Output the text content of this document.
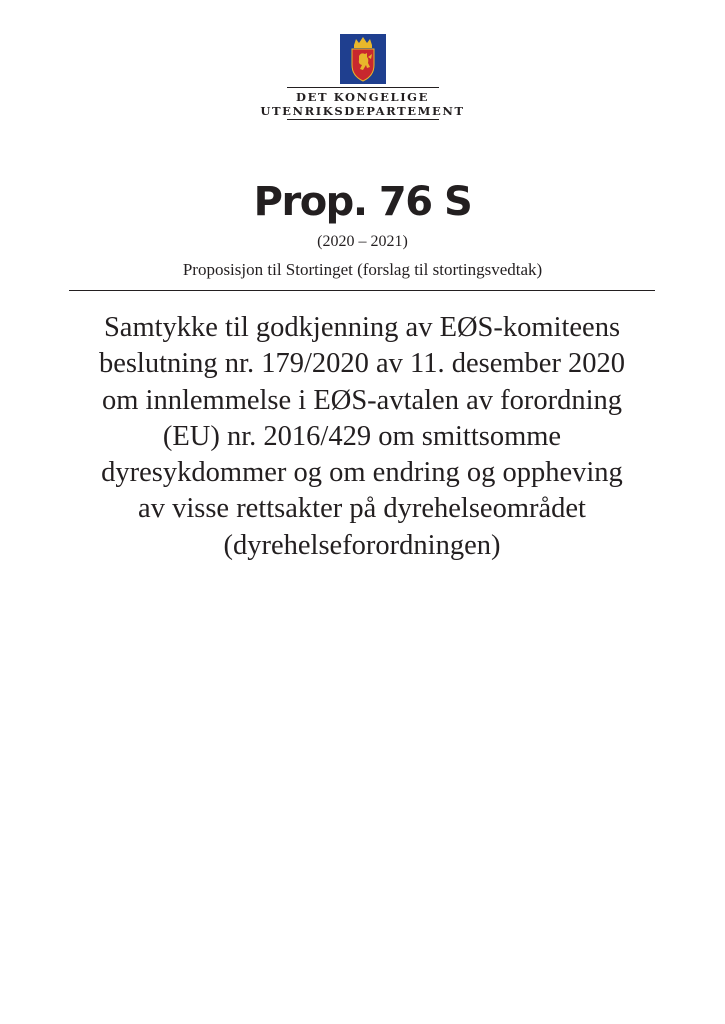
DET KONGELIGE
UTENRIKSDEPARTEMENT
Prop. 76 S
(2020 – 2021)
Proposisjon til Stortinget (forslag til stortingsvedtak)
Samtykke til godkjenning av EØS-komiteens
beslutning nr. 179/2020 av 11. desember 2020
om innlemmelse i EØS-avtalen av forordning
(EU) nr. 2016/429 om smittsomme
dyresykdommer og om endring og oppheving
av visse rettsakter på dyrehelseområdet
(dyrehelseforordningen)
